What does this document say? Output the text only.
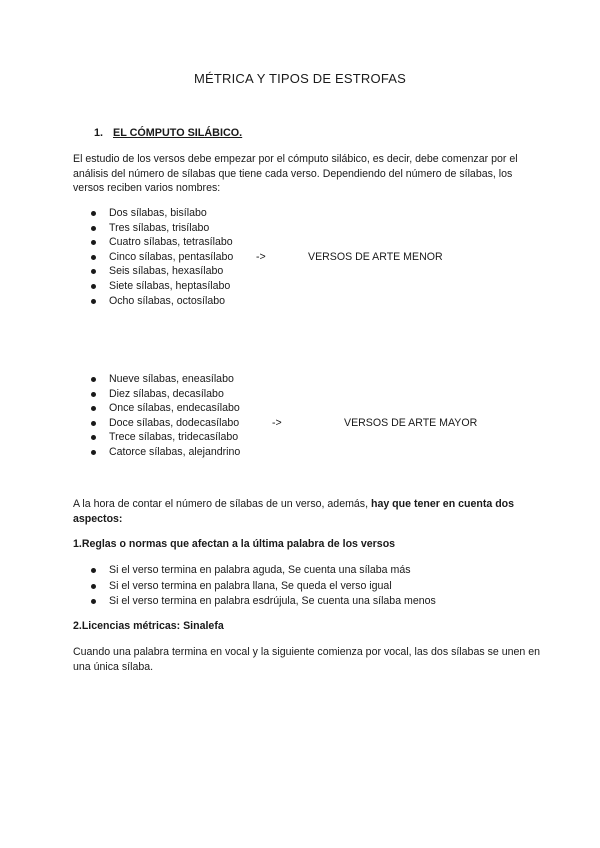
MÉTRICA Y TIPOS DE ESTROFAS
1. EL CÓMPUTO SILÁBICO.
El estudio de los versos debe empezar por el cómputo silábico, es decir, debe comenzar por el análisis del número de sílabas que tiene cada verso. Dependiendo del número de sílabas, los versos reciben varios nombres:
Dos sílabas, bisílabo
Tres sílabas, trisílabo
Cuatro sílabas, tetrasílabo
Cinco sílabas, pentasílabo
Seis sílabas, hexasílabo
Siete sílabas, heptasílabo
Ocho sílabas, octosílabo
->	VERSOS DE ARTE MENOR
Nueve sílabas, eneasílabo
Diez sílabas, decasílabo
Once sílabas, endecasílabo
Doce sílabas, dodecasílabo
Trece sílabas, tridecasílabo
Catorce sílabas, alejandrino
->	VERSOS DE ARTE MAYOR
A la hora de contar el número de sílabas de un verso, además, hay que tener en cuenta dos aspectos:
1.Reglas o normas que afectan a la última palabra de los versos
Si el verso termina en palabra aguda, Se cuenta una sílaba más
Si el verso termina en palabra llana, Se queda el verso igual
Si el verso termina en palabra esdrújula, Se cuenta una sílaba menos
2.Licencias métricas: Sinalefa
Cuando una palabra termina en vocal y la siguiente comienza por vocal, las dos sílabas se unen en una única sílaba.
